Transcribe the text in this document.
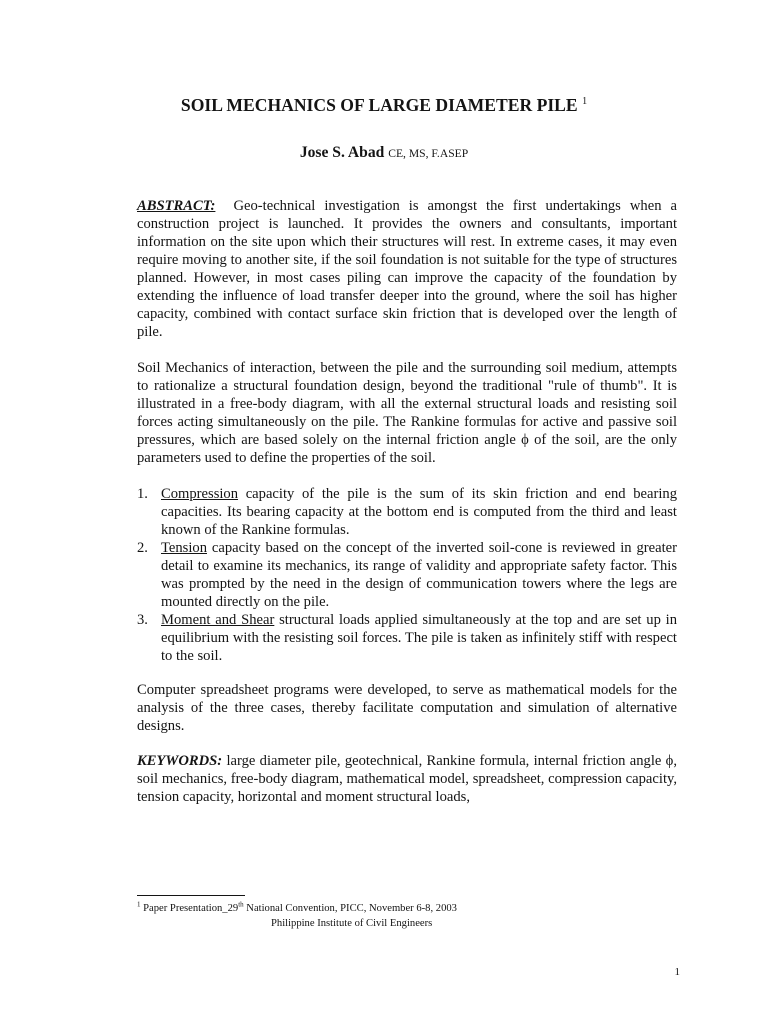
SOIL MECHANICS OF LARGE DIAMETER PILE $^1$
Jose S. Abad CE, MS, F.ASEP

ABSTRACT: Geo-technical investigation is amongst the first undertakings when a construction project is launched. It provides the owners and consultants, important information on the site upon which their structures will rest. In extreme cases, it may even require moving to another site, if the soil foundation is not suitable for the type of structures planned. However, in most cases piling can improve the capacity of the foundation by extending the influence of load transfer deeper into the ground, where the soil has higher capacity, combined with contact surface skin friction that is developed over the length of pile.

Soil Mechanics of interaction, between the pile and the surrounding soil medium, attempts to rationalize a structural foundation design, beyond the traditional "rule of thumb". It is illustrated in a free-body diagram, with all the external structural loads and resisting soil forces acting simultaneously on the pile. The Rankine formulas for active and passive soil pressures, which are based solely on the internal friction angle ϕ of the soil, are the only parameters used to define the properties of the soil.

1. Compression capacity of the pile is the sum of its skin friction and end bearing capacities. Its bearing capacity at the bottom end is computed from the third and least known of the Rankine formulas.
2. Tension capacity based on the concept of the inverted soil-cone is reviewed in greater detail to examine its mechanics, its range of validity and appropriate safety factor. This was prompted by the need in the design of communication towers where the legs are mounted directly on the pile.
3. Moment and Shear structural loads applied simultaneously at the top and are set up in equilibrium with the resisting soil forces. The pile is taken as infinitely stiff with respect to the soil.

Computer spreadsheet programs were developed, to serve as mathematical models for the analysis of the three cases, thereby facilitate computation and simulation of alternative designs.

KEYWORDS: large diameter pile, geotechnical, Rankine formula, internal friction angle ϕ, soil mechanics, free-body diagram, mathematical model, spreadsheet, compression capacity, tension capacity, horizontal and moment structural loads,

$^1$ Paper Presentation_29th National Convention, PICC, November 6-8, 2003
Philippine Institute of Civil Engineers
1
